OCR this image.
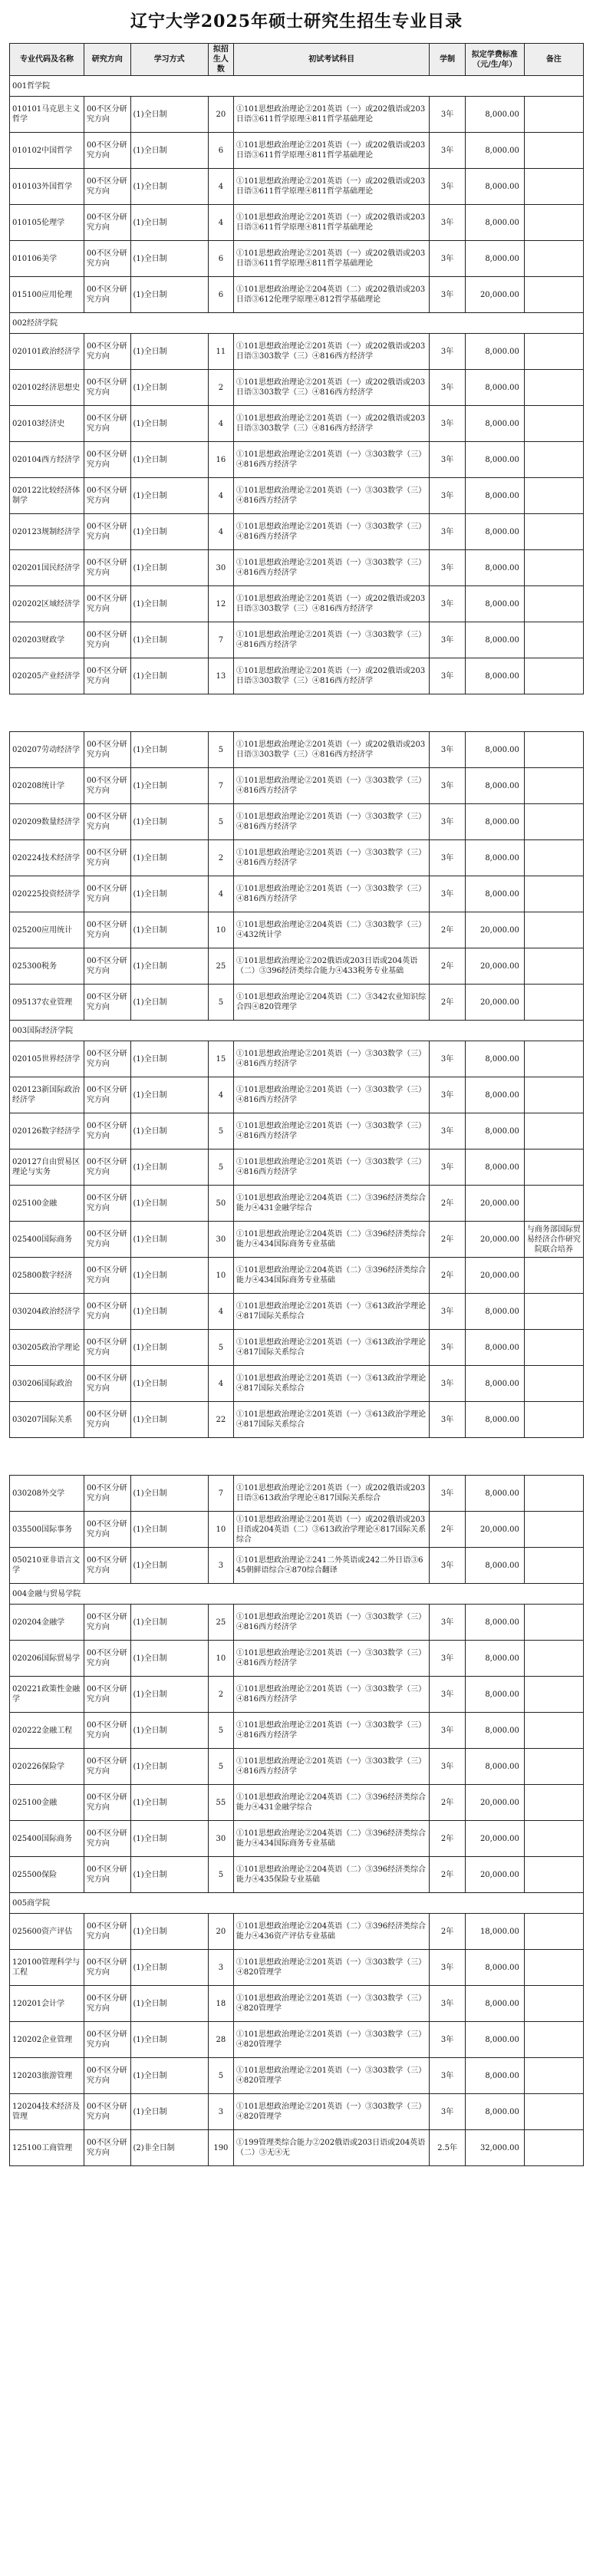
辽宁大学2025年硕士研究生招生专业目录
专业代码及名称	研究方向	学习方式	拟招生人数	初试考试科目	学制	拟定学费标准（元/生/年）	备注
001哲学院							
010101马克思主义哲学	00不区分研究方向	(1)全日制	20	①101思想政治理论②201英语（一）或202俄语或203日语③611哲学原理④811哲学基础理论	3年	8,000.00	
010102中国哲学	00不区分研究方向	(1)全日制	6	①101思想政治理论②201英语（一）或202俄语或203日语③611哲学原理④811哲学基础理论	3年	8,000.00	
010103外国哲学	00不区分研究方向	(1)全日制	4	①101思想政治理论②201英语（一）或202俄语或203日语③611哲学原理④811哲学基础理论	3年	8,000.00	
010105伦理学	00不区分研究方向	(1)全日制	4	①101思想政治理论②201英语（一）或202俄语或203日语③611哲学原理④811哲学基础理论	3年	8,000.00	
010106美学	00不区分研究方向	(1)全日制	6	①101思想政治理论②201英语（一）或202俄语或203日语③611哲学原理④811哲学基础理论	3年	8,000.00	
015100应用伦理	00不区分研究方向	(1)全日制	6	①101思想政治理论②204英语（二）或202俄语或203日语③612伦理学原理④812哲学基础理论	3年	20,000.00	
002经济学院							
020101政治经济学	00不区分研究方向	(1)全日制	11	①101思想政治理论②201英语（一）或202俄语或203日语③303数学（三）④816西方经济学	3年	8,000.00	
020102经济思想史	00不区分研究方向	(1)全日制	2	①101思想政治理论②201英语（一）或202俄语或203日语③303数学（三）④816西方经济学	3年	8,000.00	
020103经济史	00不区分研究方向	(1)全日制	4	①101思想政治理论②201英语（一）或202俄语或203日语③303数学（三）④816西方经济学	3年	8,000.00	
020104西方经济学	00不区分研究方向	(1)全日制	16	①101思想政治理论②201英语（一）③303数学（三）④816西方经济学	3年	8,000.00	
020122比较经济体制学	00不区分研究方向	(1)全日制	4	①101思想政治理论②201英语（一）③303数学（三）④816西方经济学	3年	8,000.00	
020123规制经济学	00不区分研究方向	(1)全日制	4	①101思想政治理论②201英语（一）③303数学（三）④816西方经济学	3年	8,000.00	
020201国民经济学	00不区分研究方向	(1)全日制	30	①101思想政治理论②201英语（一）③303数学（三）④816西方经济学	3年	8,000.00	
020202区域经济学	00不区分研究方向	(1)全日制	12	①101思想政治理论②201英语（一）或202俄语或203日语③303数学（三）④816西方经济学	3年	8,000.00	
020203财政学	00不区分研究方向	(1)全日制	7	①101思想政治理论②201英语（一）③303数学（三）④816西方经济学	3年	8,000.00	
020205产业经济学	00不区分研究方向	(1)全日制	13	①101思想政治理论②201英语（一）或202俄语或203日语③303数学（三）④816西方经济学	3年	8,000.00	
020207劳动经济学	00不区分研究方向	(1)全日制	5	①101思想政治理论②201英语（一）或202俄语或203日语③303数学（三）④816西方经济学	3年	8,000.00	
020208统计学	00不区分研究方向	(1)全日制	7	①101思想政治理论②201英语（一）③303数学（三）④816西方经济学	3年	8,000.00	
020209数量经济学	00不区分研究方向	(1)全日制	5	①101思想政治理论②201英语（一）③303数学（三）④816西方经济学	3年	8,000.00	
020224技术经济学	00不区分研究方向	(1)全日制	2	①101思想政治理论②201英语（一）③303数学（三）④816西方经济学	3年	8,000.00	
020225投资经济学	00不区分研究方向	(1)全日制	4	①101思想政治理论②201英语（一）③303数学（三）④816西方经济学	3年	8,000.00	
025200应用统计	00不区分研究方向	(1)全日制	10	①101思想政治理论②204英语（二）③303数学（三）④432统计学	2年	20,000.00	
025300税务	00不区分研究方向	(1)全日制	25	①101思想政治理论②202俄语或203日语或204英语（二）③396经济类综合能力④433税务专业基础	2年	20,000.00	
095137农业管理	00不区分研究方向	(1)全日制	5	①101思想政治理论②204英语（二）③342农业知识综合四④820管理学	2年	20,000.00	
003国际经济学院							
020105世界经济学	00不区分研究方向	(1)全日制	15	①101思想政治理论②201英语（一）③303数学（三）④816西方经济学	3年	8,000.00	
020123新国际政治经济学	00不区分研究方向	(1)全日制	4	①101思想政治理论②201英语（一）③303数学（三）④816西方经济学	3年	8,000.00	
020126数字经济学	00不区分研究方向	(1)全日制	5	①101思想政治理论②201英语（一）③303数学（三）④816西方经济学	3年	8,000.00	
020127自由贸易区理论与实务	00不区分研究方向	(1)全日制	5	①101思想政治理论②201英语（一）③303数学（三）④816西方经济学	3年	8,000.00	
025100金融	00不区分研究方向	(1)全日制	50	①101思想政治理论②204英语（二）③396经济类综合能力④431金融学综合	2年	20,000.00	
025400国际商务	00不区分研究方向	(1)全日制	30	①101思想政治理论②204英语（二）③396经济类综合能力④434国际商务专业基础	2年	20,000.00	与商务部国际贸易经济合作研究院联合培养
025800数字经济	00不区分研究方向	(1)全日制	10	①101思想政治理论②204英语（二）③396经济类综合能力④434国际商务专业基础	2年	20,000.00	
030204政治经济学	00不区分研究方向	(1)全日制	4	①101思想政治理论②201英语（一）③613政治学理论④817国际关系综合	3年	8,000.00	
030205政治学理论	00不区分研究方向	(1)全日制	5	①101思想政治理论②201英语（一）③613政治学理论④817国际关系综合	3年	8,000.00	
030206国际政治	00不区分研究方向	(1)全日制	4	①101思想政治理论②201英语（一）③613政治学理论④817国际关系综合	3年	8,000.00	
030207国际关系	00不区分研究方向	(1)全日制	22	①101思想政治理论②201英语（一）③613政治学理论④817国际关系综合	3年	8,000.00	
030208外交学	00不区分研究方向	(1)全日制	7	①101思想政治理论②201英语（一）或202俄语或203日语③613政治学理论④817国际关系综合	3年	8,000.00	
035500国际事务	00不区分研究方向	(1)全日制	10	①101思想政治理论②201英语（一）或202俄语或203日语或204英语（二）③613政治学理论④817国际关系综合	2年	20,000.00	
050210亚非语言文学	00不区分研究方向	(1)全日制	3	①101思想政治理论②241二外英语或242二外日语③645朝鲜语综合④870综合翻译	3年	8,000.00	
004金融与贸易学院							
020204金融学	00不区分研究方向	(1)全日制	25	①101思想政治理论②201英语（一）③303数学（三）④816西方经济学	3年	8,000.00	
020206国际贸易学	00不区分研究方向	(1)全日制	10	①101思想政治理论②201英语（一）③303数学（三）④816西方经济学	3年	8,000.00	
020221政策性金融学	00不区分研究方向	(1)全日制	2	①101思想政治理论②201英语（一）③303数学（三）④816西方经济学	3年	8,000.00	
020222金融工程	00不区分研究方向	(1)全日制	5	①101思想政治理论②201英语（一）③303数学（三）④816西方经济学	3年	8,000.00	
020226保险学	00不区分研究方向	(1)全日制	5	①101思想政治理论②201英语（一）③303数学（三）④816西方经济学	3年	8,000.00	
025100金融	00不区分研究方向	(1)全日制	55	①101思想政治理论②204英语（二）③396经济类综合能力④431金融学综合	2年	20,000.00	
025400国际商务	00不区分研究方向	(1)全日制	30	①101思想政治理论②204英语（二）③396经济类综合能力④434国际商务专业基础	2年	20,000.00	
025500保险	00不区分研究方向	(1)全日制	5	①101思想政治理论②204英语（二）③396经济类综合能力④435保险专业基础	2年	20,000.00	
005商学院							
025600资产评估	00不区分研究方向	(1)全日制	20	①101思想政治理论②204英语（二）③396经济类综合能力④436资产评估专业基础	2年	18,000.00	
120100管理科学与工程	00不区分研究方向	(1)全日制	3	①101思想政治理论②201英语（一）③303数学（三）④820管理学	3年	8,000.00	
120201会计学	00不区分研究方向	(1)全日制	18	①101思想政治理论②201英语（一）③303数学（三）④820管理学	3年	8,000.00	
120202企业管理	00不区分研究方向	(1)全日制	28	①101思想政治理论②201英语（一）③303数学（三）④820管理学	3年	8,000.00	
120203旅游管理	00不区分研究方向	(1)全日制	5	①101思想政治理论②201英语（一）③303数学（三）④820管理学	3年	8,000.00	
120204技术经济及管理	00不区分研究方向	(1)全日制	3	①101思想政治理论②201英语（一）③303数学（三）④820管理学	3年	8,000.00	
125100工商管理	00不区分研究方向	(2)非全日制	190	①199管理类综合能力②202俄语或203日语或204英语（二）③无④无	2.5年	32,000.00	
